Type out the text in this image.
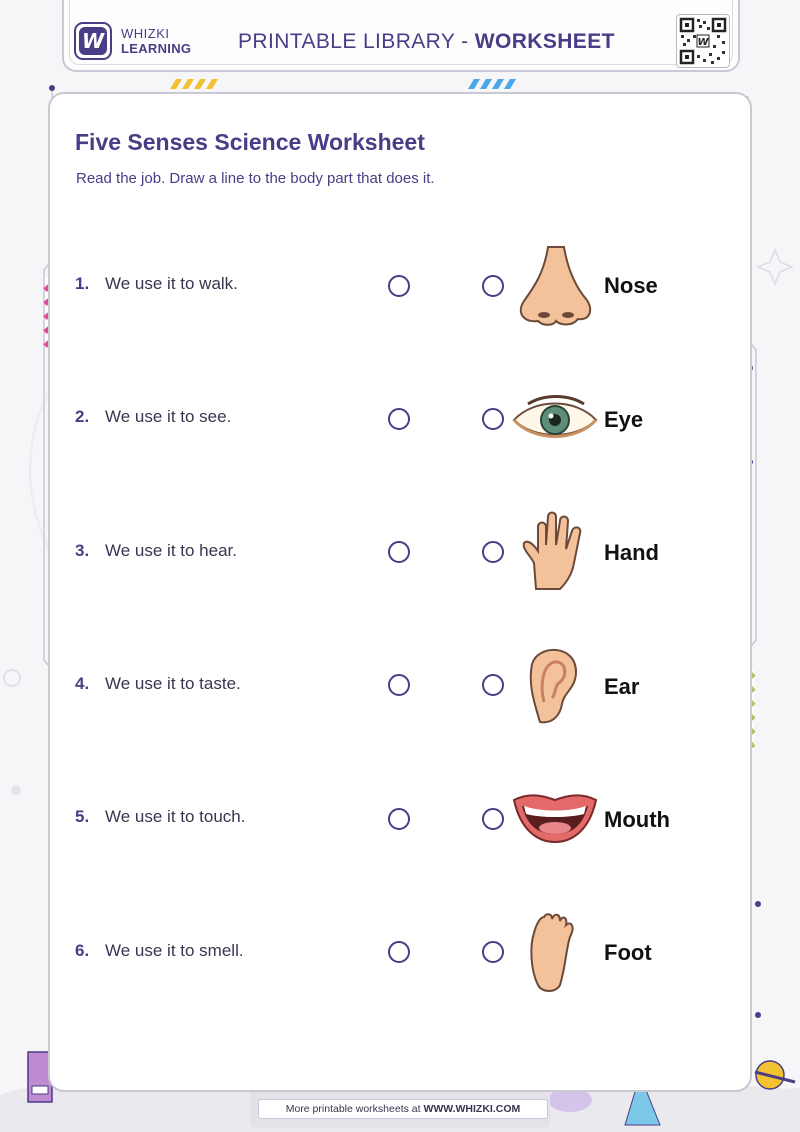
W WHIZKI
LEARNING PRINTABLE LIBRARY - WORKSHEET	W
Five Senses Science Worksheet
Read the job. Draw a line to the body part that does it.
1. We use it to walk.
2. We use it to see.
3. We use it to hear.
4. We use it to taste.
5. We use it to touch.
6. We use it to smell.
Nose
Eye
Hand
Ear
Mouth
Foot
More printable worksheets at WWW.WHIZKI.COM
